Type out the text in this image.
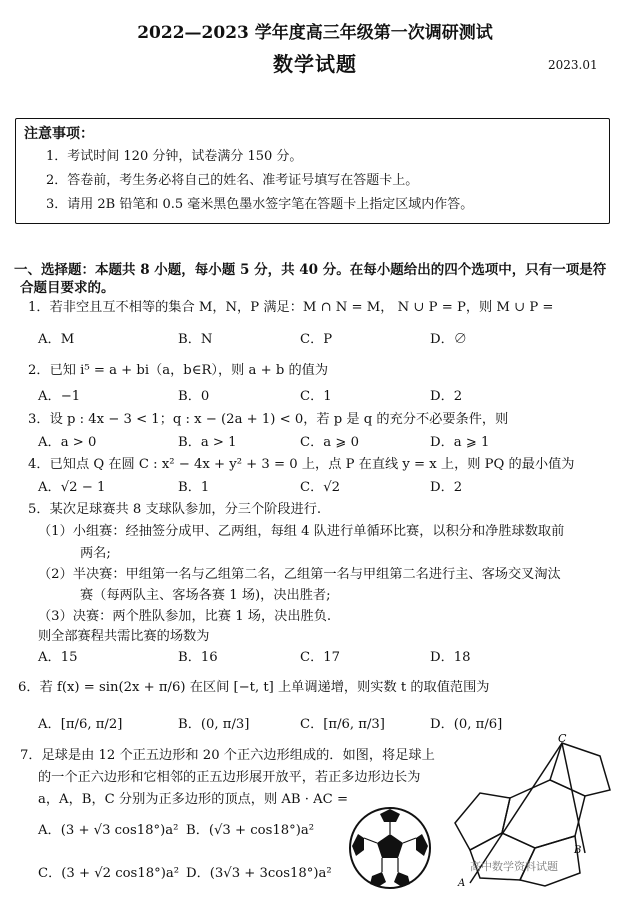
2022—2023 学年度高三年级第一次调研测试
数学试题	2023.01
注意事项：
1．考试时间 120 分钟，试卷满分 150 分。
2．答卷前，考生务必将自己的姓名、准考证号填写在答题卡上。
3．请用 2B 铅笔和 0.5 毫米黑色墨水签字笔在答题卡上指定区域内作答。
一、选择题：本题共 8 小题，每小题 5 分，共 40 分。在每小题给出的四个选项中，只有一项是符
合题目要求的。
1．若非空且互不相等的集合 M，N，P 满足：M ∩ N = M， N ∪ P = P，则 M ∪ P =
A．M	B．N	C．P	D．∅
2．已知 i⁵ = a + bi（a，b∈R），则 a + b 的值为
A．−1	B．0	C．1	D．2
3．设 p : 4x − 3 < 1；q : x − (2a + 1) < 0，若 p 是 q 的充分不必要条件，则
A．a > 0	B．a > 1	C．a ⩾ 0	D．a ⩾ 1
4．已知点 Q 在圆 C : x² − 4x + y² + 3 = 0 上，点 P 在直线 y = x 上，则 PQ 的最小值为
A．√2 − 1	B．1	C．√2	D．2
5．某次足球赛共 8 支球队参加，分三个阶段进行.
（1）小组赛：经抽签分成甲、乙两组，每组 4 队进行单循环比赛，以积分和净胜球数取前
两名;
（2）半决赛：甲组第一名与乙组第二名，乙组第一名与甲组第二名进行主、客场交叉淘汰
赛（每两队主、客场各赛 1 场)，决出胜者;
（3）决赛：两个胜队参加，比赛 1 场，决出胜负.
则全部赛程共需比赛的场数为
A．15	B．16	C．17	D．18
6．若 f(x) = sin(2x + π/6) 在区间 [−t, t] 上单调递增，则实数 t 的取值范围为
A．[π/6, π/2]	B．(0, π/3]	C．[π/6, π/3]	D．(0, π/6]
7．足球是由 12 个正五边形和 20 个正六边形组成的．如图，将足球上
的一个正六边形和它相邻的正五边形展开放平，若正多边形边长为
a，A，B，C 分别为正多边形的顶点，则 AB · AC =
A．(3 + √3 cos18°)a² B．(√3 + cos18°)a²
C．(3 + √2 cos18°)a² D．(3√3 + 3cos18°)a²
C
B
A
高中数学资料试题
